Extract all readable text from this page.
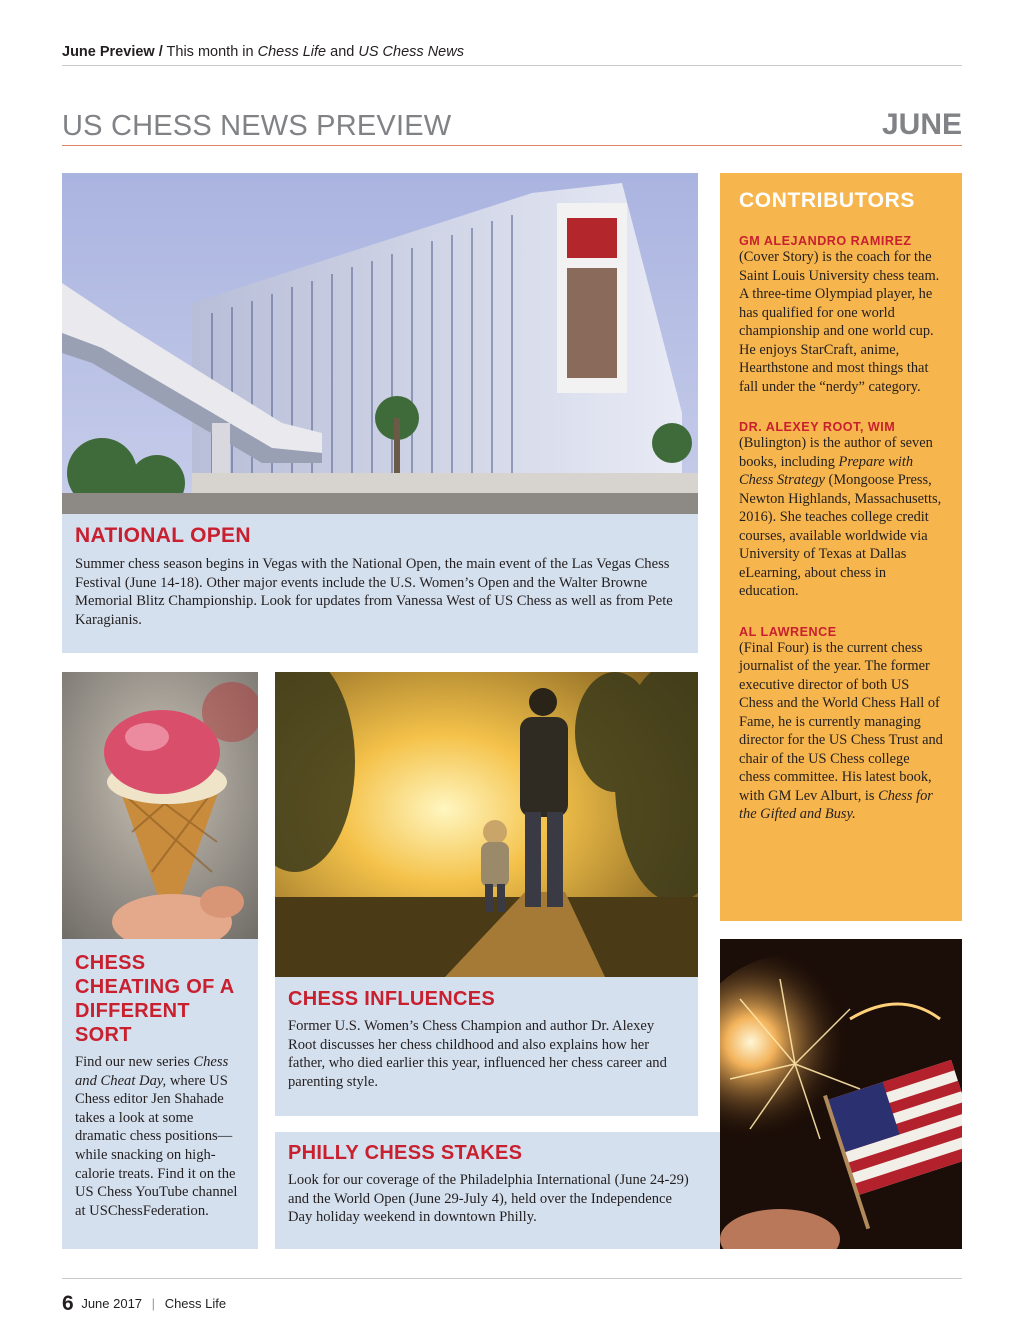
June Preview / This month in Chess Life and US Chess News
US CHESS NEWS PREVIEW	JUNE
NATIONAL OPEN
Summer chess season begins in Vegas with the National Open, the main event of the Las Vegas Chess Festival (June 14-18). Other major events include the U.S. Women’s Open and the Walter Browne Memorial Blitz Championship. Look for updates from Vanessa West of US Chess as well as from Pete Karagianis.
CONTRIBUTORS

GM ALEJANDRO RAMIREZ

(Cover Story) is the coach for the Saint Louis University chess team. A three-time Olympiad player, he has qualified for one world championship and one world cup. He enjoys StarCraft, anime, Hearthstone and most things that fall under the “nerdy” category.

DR. ALEXEY ROOT, WIM

(Bulington) is the author of seven books, including Prepare with Chess Strategy (Mongoose Press, Newton Highlands, Massachusetts, 2016). She teaches college credit courses, available worldwide via University of Texas at Dallas eLearning, about chess in education.

AL LAWRENCE

(Final Four) is the current chess journalist of the year. The former executive director of both US Chess and the World Chess Hall of Fame, he is currently managing director for the US Chess Trust and chair of the US Chess college chess committee. His latest book, with GM Lev Alburt, is Chess for the Gifted and Busy.

CHESS CHEATING OF A DIFFERENT SORT
Find our new series Chess and Cheat Day, where US Chess editor Jen Shahade takes a look at some dramatic chess positions—while snacking on high-calorie treats. Find it on the US Chess YouTube channel at USChessFederation.
CHESS INFLUENCES
Former U.S. Women’s Chess Champion and author Dr. Alexey Root discusses her chess childhood and also explains how her father, who died earlier this year, influenced her chess career and parenting style.
PHILLY CHESS STAKES
Look for our coverage of the Philadelphia International (June 24-29) and the World Open (June 29-July 4), held over the Independence Day holiday weekend in downtown Philly.
6 June 2017 | Chess Life
